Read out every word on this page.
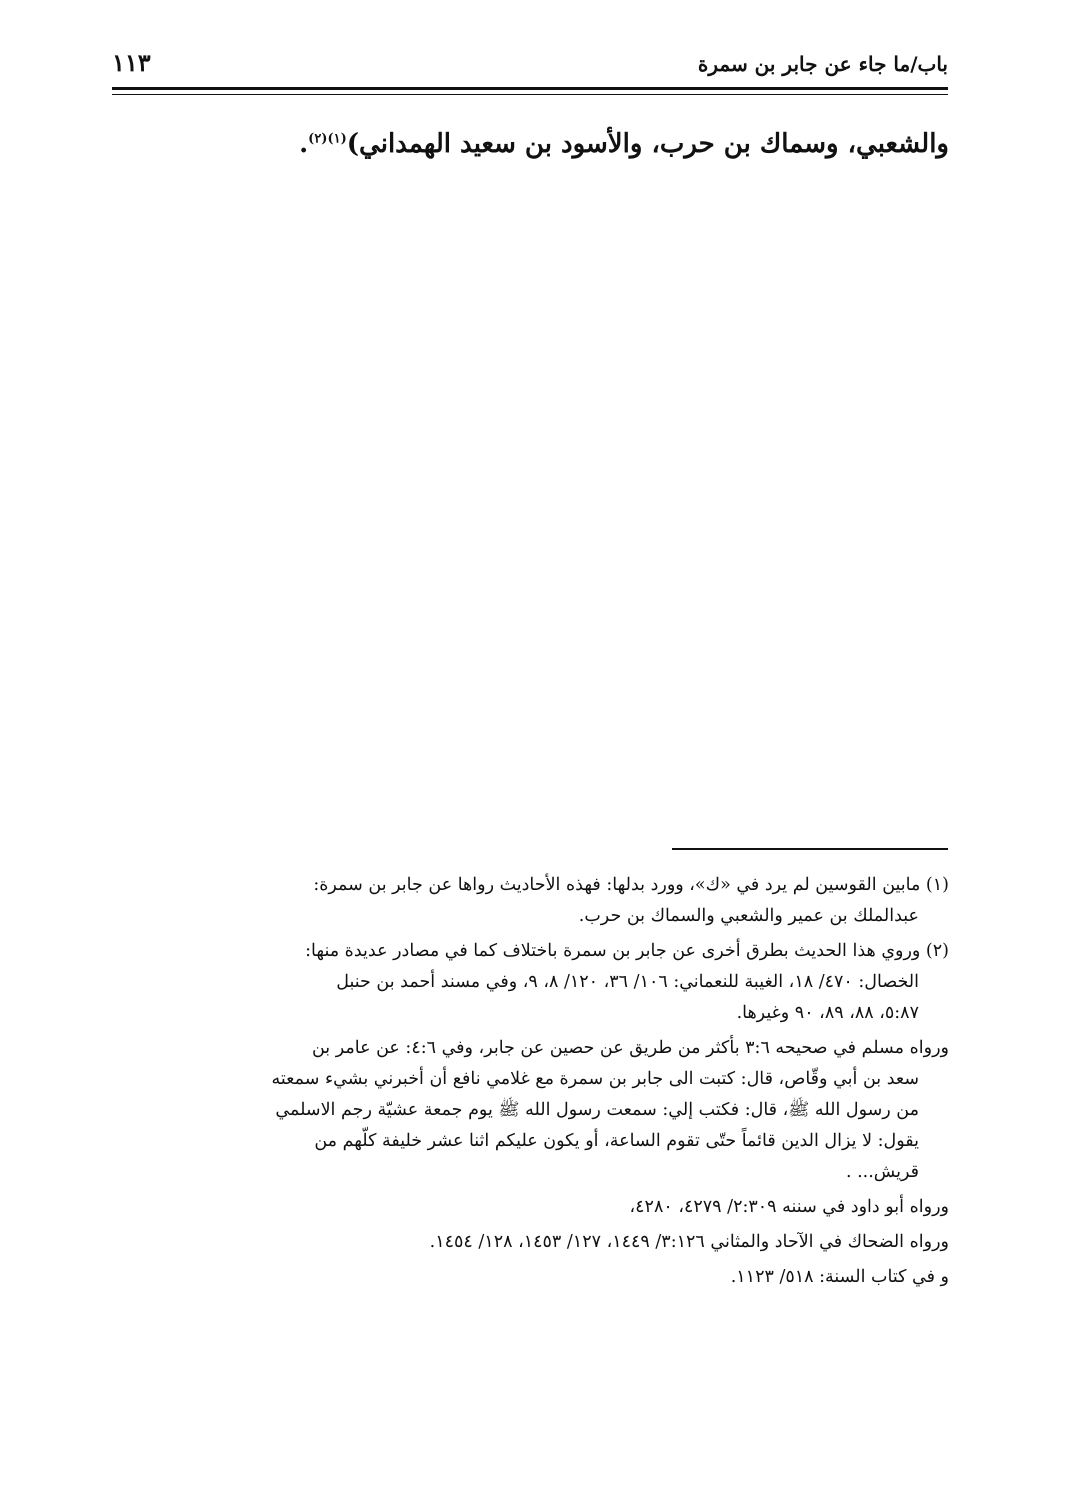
باب/ما جاء عن جابر بن سمرة
١١٣
والشعبي، وسماك بن حرب، والأسود بن سعيد الهمداني)$^{(١)(٢)}$.
(١) مابين القوسين لم يرد في «ك»، وورد بدلها: فهذه الأحاديث رواها عن جابر بن سمرة:
عبدالملك بن عمير والشعبي والسماك بن حرب.
(٢) وروي هذا الحديث بطرق أخرى عن جابر بن سمرة باختلاف كما في مصادر عديدة منها:
الخصال: ٤٧٠/ ١٨، الغيبة للنعماني: ١٠٦/ ٣٦، ١٢٠/ ٨، ٩، وفي مسند أحمد بن حنبل
٥:٨٧، ٨٨، ٨٩، ٩٠ وغيرها.
ورواه مسلم في صحيحه ٣:٦ بأكثر من طريق عن حصين عن جابر، وفي ٤:٦: عن عامر بن
سعد بن أبي وقّاص، قال: كتبت الى جابر بن سمرة مع غلامي نافع أن أخبرني بشيء سمعته
من رسول الله ﷺ، قال: فكتب إلي: سمعت رسول الله ﷺ يوم جمعة عشيّة رجم الاسلمي
يقول: لا يزال الدين قائماً حتّى تقوم الساعة، أو يكون عليكم اثنا عشر خليفة كلّهم من
قريش... .
ورواه أبو داود في سننه ٢:٣٠٩/ ٤٢٧٩، ٤٢٨٠،
ورواه الضحاك في الآحاد والمثاني ٣:١٢٦/ ١٤٤٩، ١٢٧/ ١٤٥٣، ١٢٨/ ١٤٥٤.
و في كتاب السنة: ٥١٨/ ١١٢٣.
